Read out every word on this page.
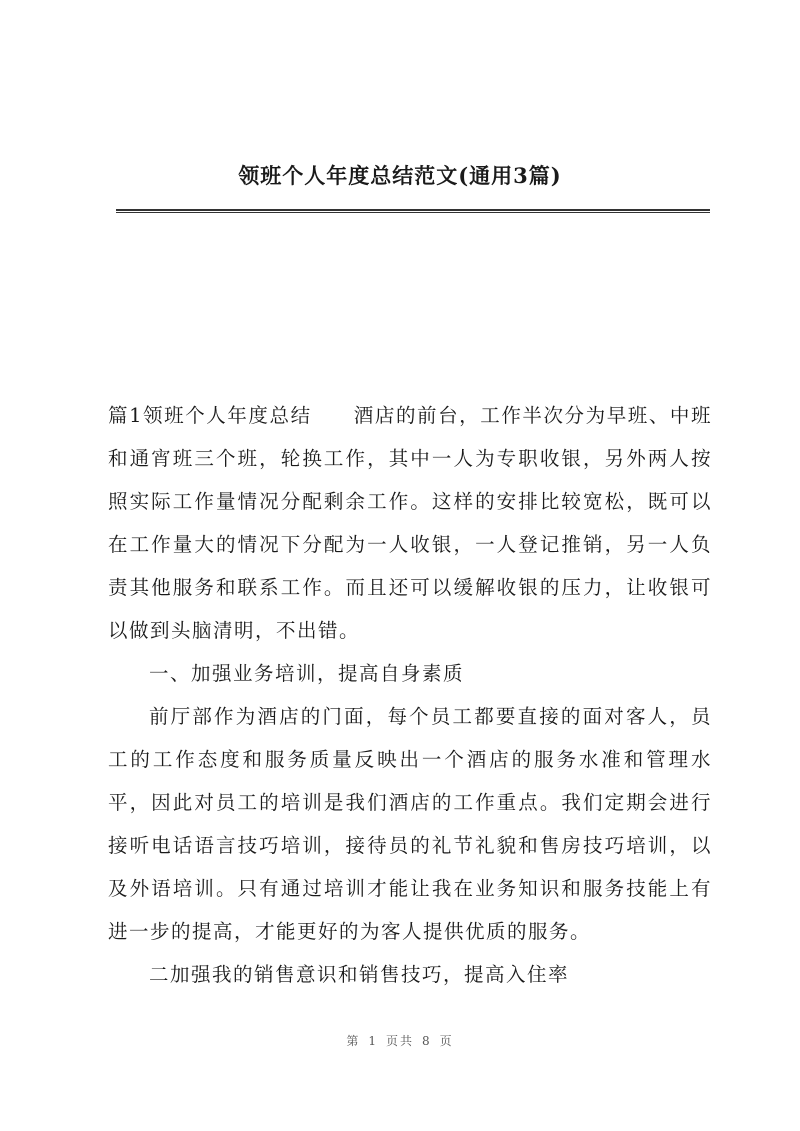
领班个人年度总结范文(通用3篇)

篇1领班个人年度总结　　酒店的前台，工作半次分为早班、中班和通宵班三个班，轮换工作，其中一人为专职收银，另外两人按照实际工作量情况分配剩余工作。这样的安排比较宽松，既可以在工作量大的情况下分配为一人收银，一人登记推销，另一人负责其他服务和联系工作。而且还可以缓解收银的压力，让收银可以做到头脑清明，不出错。

一、加强业务培训，提高自身素质

前厅部作为酒店的门面，每个员工都要直接的面对客人，员工的工作态度和服务质量反映出一个酒店的服务水准和管理水平，因此对员工的培训是我们酒店的工作重点。我们定期会进行接听电话语言技巧培训，接待员的礼节礼貌和售房技巧培训，以及外语培训。只有通过培训才能让我在业务知识和服务技能上有进一步的提高，才能更好的为客人提供优质的服务。

二加强我的销售意识和销售技巧，提高入住率

第 1 页共 8 页
